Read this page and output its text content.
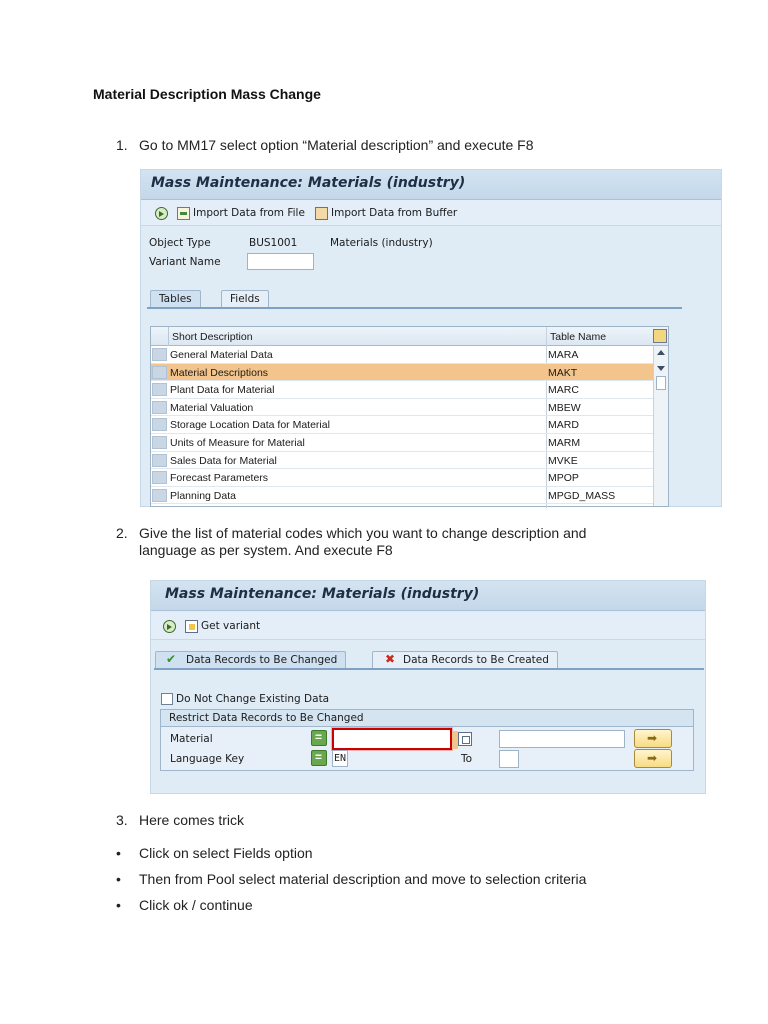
Material Description Mass Change
1. Go to MM17 select option “Material description” and execute F8
Mass Maintenance: Materials (industry)
Import Data from File Import Data from Buffer
Object Type	BUS1001	Materials (industry)
Variant Name
Tables	Fields
Short Description	Table Name
General Material Data	MARA
Material Descriptions	MAKT
Plant Data for Material	MARC
Material Valuation	MBEW
Storage Location Data for Material	MARD
Units of Measure for Material	MARM
Sales Data for Material	MVKE
Forecast Parameters	MPOP
Planning Data	MPGD_MASS
2. Give the list of material codes which you want to change description and
language as per system. And execute F8
Mass Maintenance: Materials (industry)
Get variant
✔ Data Records to Be Changed	✖ Data Records to Be Created
Do Not Change Existing Data
Restrict Data Records to Be Changed
Material
=
➡
Language Key
=	EN	To
➡
3. Here comes trick
• Click on select Fields option
• Then from Pool select material description and move to selection criteria
• Click ok / continue
